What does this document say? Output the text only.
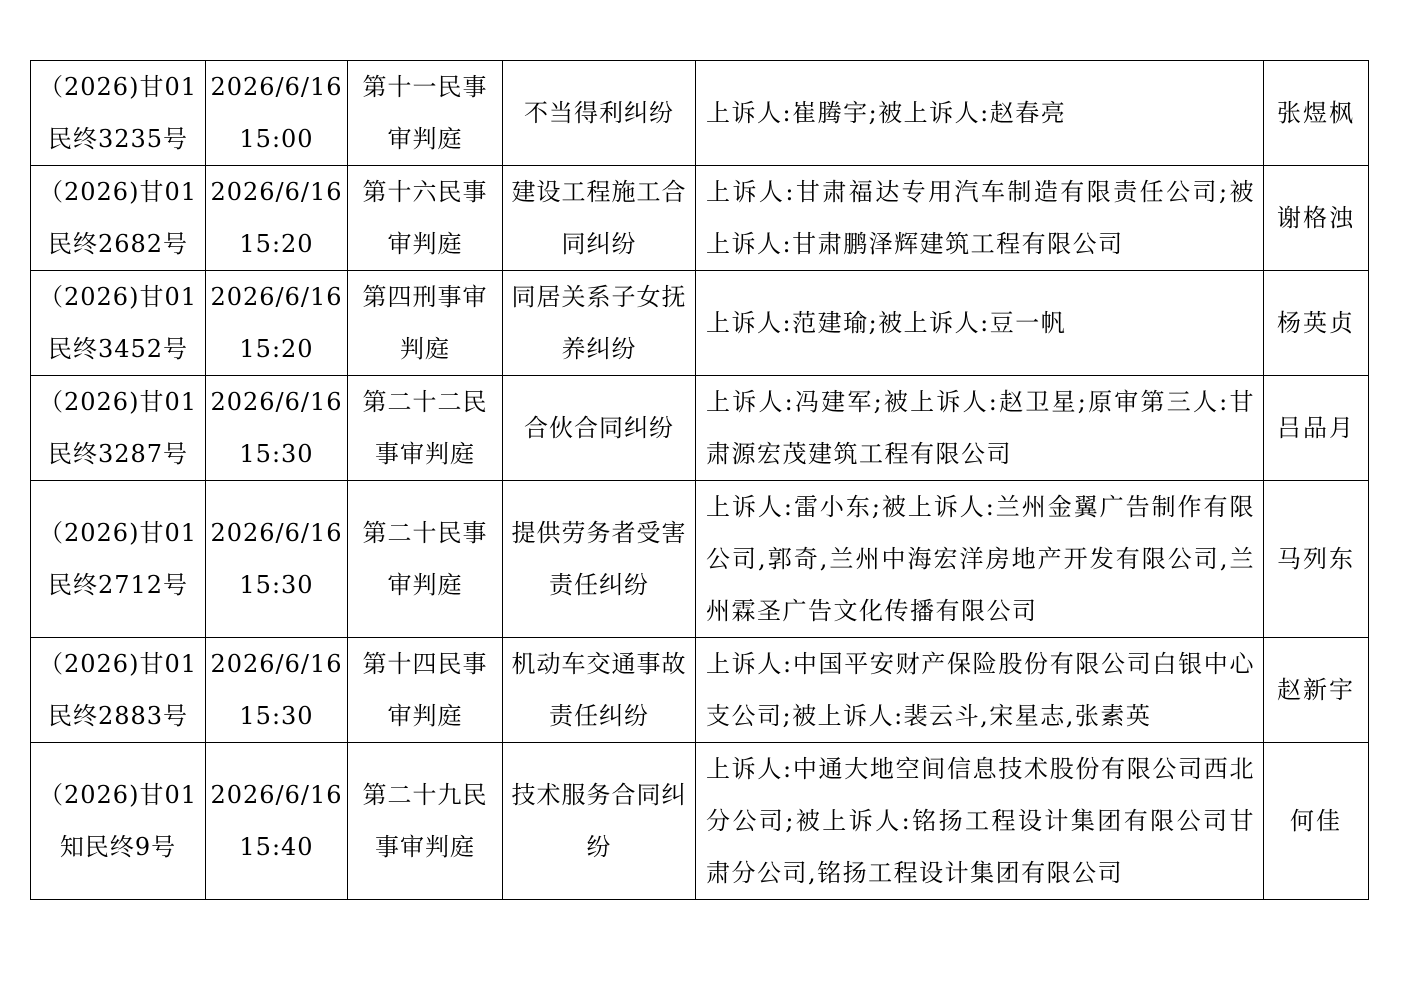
（2026)甘01民终3235号	2026/6/16 15:00	第十一民事审判庭	不当得利纠纷	上诉人:崔腾宇;被上诉人:赵春亮	张煜枫
（2026)甘01民终2682号	2026/6/16 15:20	第十六民事审判庭	建设工程施工合同纠纷	上诉人:甘肃福达专用汽车制造有限责任公司;被上诉人:甘肃鹏泽辉建筑工程有限公司	谢格浊
（2026)甘01民终3452号	2026/6/16 15:20	第四刑事审判庭	同居关系子女抚养纠纷	上诉人:范建瑜;被上诉人:豆一帆	杨英贞
（2026)甘01民终3287号	2026/6/16 15:30	第二十二民事审判庭	合伙合同纠纷	上诉人:冯建军;被上诉人:赵卫星;原审第三人:甘肃源宏茂建筑工程有限公司	吕品月
（2026)甘01民终2712号	2026/6/16 15:30	第二十民事审判庭	提供劳务者受害责任纠纷	上诉人:雷小东;被上诉人:兰州金翼广告制作有限公司,郭奇,兰州中海宏洋房地产开发有限公司,兰州霖圣广告文化传播有限公司	马列东
（2026)甘01民终2883号	2026/6/16 15:30	第十四民事审判庭	机动车交通事故责任纠纷	上诉人:中国平安财产保险股份有限公司白银中心支公司;被上诉人:裴云斗,宋星志,张素英	赵新宇
（2026)甘01知民终9号	2026/6/16 15:40	第二十九民事审判庭	技术服务合同纠纷	上诉人:中通大地空间信息技术股份有限公司西北分公司;被上诉人:铭扬工程设计集团有限公司甘肃分公司,铭扬工程设计集团有限公司	何佳
